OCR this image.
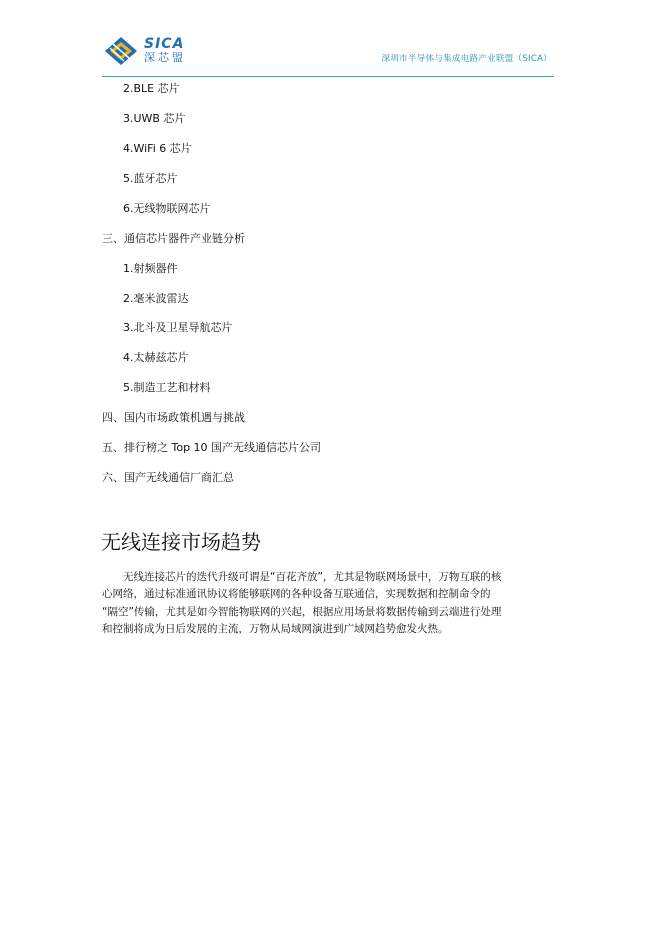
SICA
深芯盟	深圳市半导体与集成电路产业联盟（SICA）
2.BLE 芯片
3.UWB 芯片
4.WiFi 6 芯片
5.蓝牙芯片
6.无线物联网芯片
三、通信芯片器件产业链分析
1.射频器件
2.毫米波雷达
3.北斗及卫星导航芯片
4.太赫兹芯片
5.制造工艺和材料
四、国内市场政策机遇与挑战
五、排行榜之 Top 10 国产无线通信芯片公司
六、国产无线通信厂商汇总
无线连接市场趋势
无线连接芯片的迭代升级可谓是“百花齐放”，尤其是物联网场景中，万物互联的核
心网络，通过标准通讯协议将能够联网的各种设备互联通信，实现数据和控制命令的
“隔空”传输，尤其是如今智能物联网的兴起，根据应用场景将数据传输到云端进行处理
和控制将成为日后发展的主流，万物从局域网演进到广域网趋势愈发火热。
